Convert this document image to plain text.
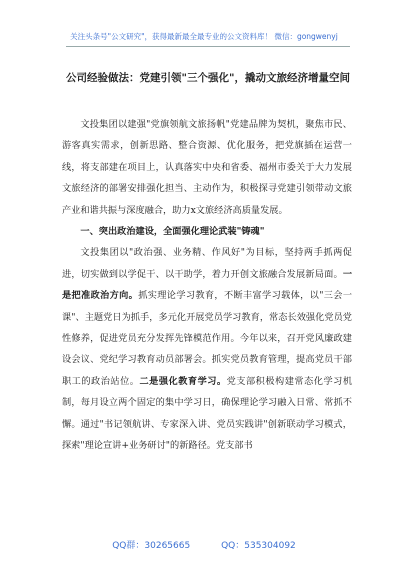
关注头条号"公文研究"，获得最新最全最专业的公文资料库！ 微信：gongwenyj
公司经验做法：党建引领"三个强化"，撬动文旅经济增量空间

文投集团以建强"党旗领航文旅扬帆"党建品牌为契机，聚焦市民、游客真实需求，创新思路、整合资源、优化服务，把党旗插在运营一线，将支部建在项目上，认真落实中央和省委、福州市委关于大力发展文旅经济的部署安排强化担当、主动作为，积极探寻党建引领带动文旅产业和谐共振与深度融合，助力x文旅经济高质量发展。

一、突出政治建设，全面强化理论武装"铸魂"

文投集团以"政治强、业务精、作风好"为目标，坚持两手抓两促进，切实做到以学促干、以干助学，着力开创文旅融合发展新局面。一是把准政治方向。抓实理论学习教育，不断丰富学习载体，以"三会一课"、主题党日为抓手，多元化开展党员学习教育，常态长效强化党员党性修养，促进党员充分发挥先锋模范作用。今年以来，召开党风廉政建设会议、党纪学习教育动员部署会。抓实党员教育管理，提高党员干部职工的政治站位。二是强化教育学习。党支部积极构建常态化学习机制，每月设立两个固定的集中学习日，确保理论学习融入日常、常抓不懈。通过"书记领航讲、专家深入讲、党员实践讲"创新联动学习模式，探索"理论宣讲+业务研讨"的新路径。党支部书

QQ群：30265665	QQ：535304092
